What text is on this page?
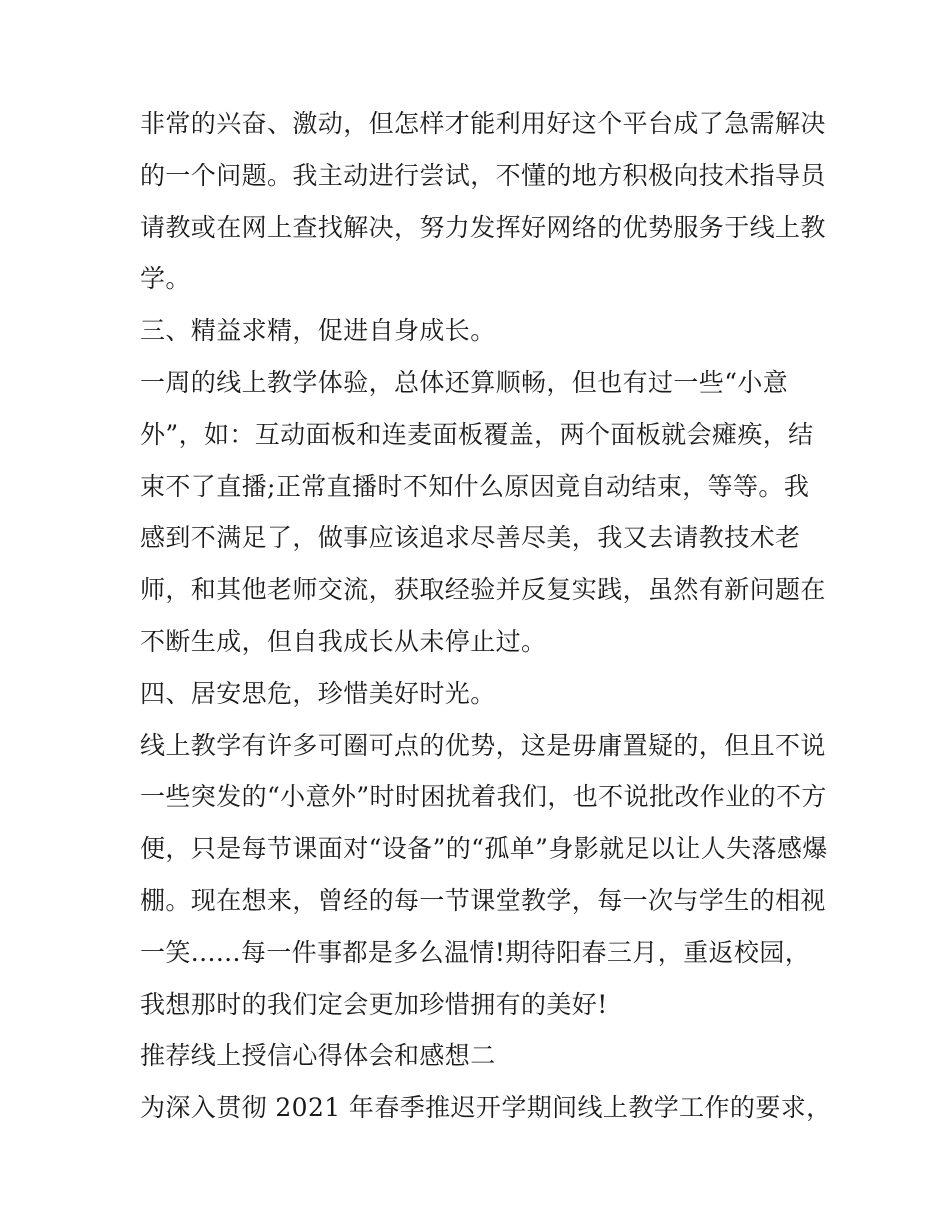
非常的兴奋、激动，但怎样才能利用好这个平台成了急需解决
的一个问题。我主动进行尝试，不懂的地方积极向技术指导员
请教或在网上查找解决，努力发挥好网络的优势服务于线上教
学。
三、精益求精，促进自身成长。
一周的线上教学体验，总体还算顺畅，但也有过一些“小意
外”，如：互动面板和连麦面板覆盖，两个面板就会瘫痪，结
束不了直播;正常直播时不知什么原因竟自动结束，等等。我
感到不满足了，做事应该追求尽善尽美，我又去请教技术老
师，和其他老师交流，获取经验并反复实践，虽然有新问题在
不断生成，但自我成长从未停止过。
四、居安思危，珍惜美好时光。
线上教学有许多可圈可点的优势，这是毋庸置疑的，但且不说
一些突发的“小意外”时时困扰着我们，也不说批改作业的不方
便，只是每节课面对“设备”的“孤单”身影就足以让人失落感爆
棚。现在想来，曾经的每一节课堂教学，每一次与学生的相视
一笑......每一件事都是多么温情!期待阳春三月，重返校园，
我想那时的我们定会更加珍惜拥有的美好!
推荐线上授信心得体会和感想二
为深入贯彻 2021 年春季推迟开学期间线上教学工作的要求，
